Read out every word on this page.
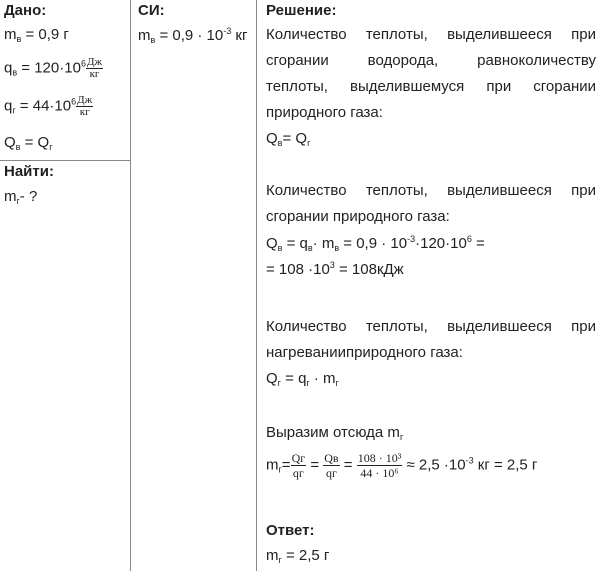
Дано:
$m_в = 0,9$ г
$q_в = 120\cdot 10^6 \frac{Дж}{кг}$
$q_г = 44\cdot 10^6 \frac{Дж}{кг}$
$Q_в = Q_г$
Найти:
$m_г-$ ?
СИ:
$m_в = 0,9 \cdot 10^{-3}$ кг
Решение:
Количество теплоты, выделившееся при
сгорании водорода, равноколичеству
теплоты, выделившемуся при сгорании
природного газа:
$Q_в= Q_г$
Количество теплоты, выделившееся при
сгорании природного газа:
$Q_в = q_в\cdot m_в = 0,9 \cdot 10^{-3}\cdot 120\cdot 10^6$ =
= $108 \cdot 10^3 = 108кДж$
Количество теплоты, выделившееся при
нагреванииприродного газа:
$Q_г = q_г \cdot m_г$
Выразим отсюда $m_г$
$m_г= \frac{Qг}{qг} = \frac{Qв}{qг} = \frac{\text{108 · 10³}}{\text{44 · 10⁶}} \approx 2,5 \cdot 10^{-3}$ кг = 2,5 г
Ответ:
$m_г = 2,5$ г
